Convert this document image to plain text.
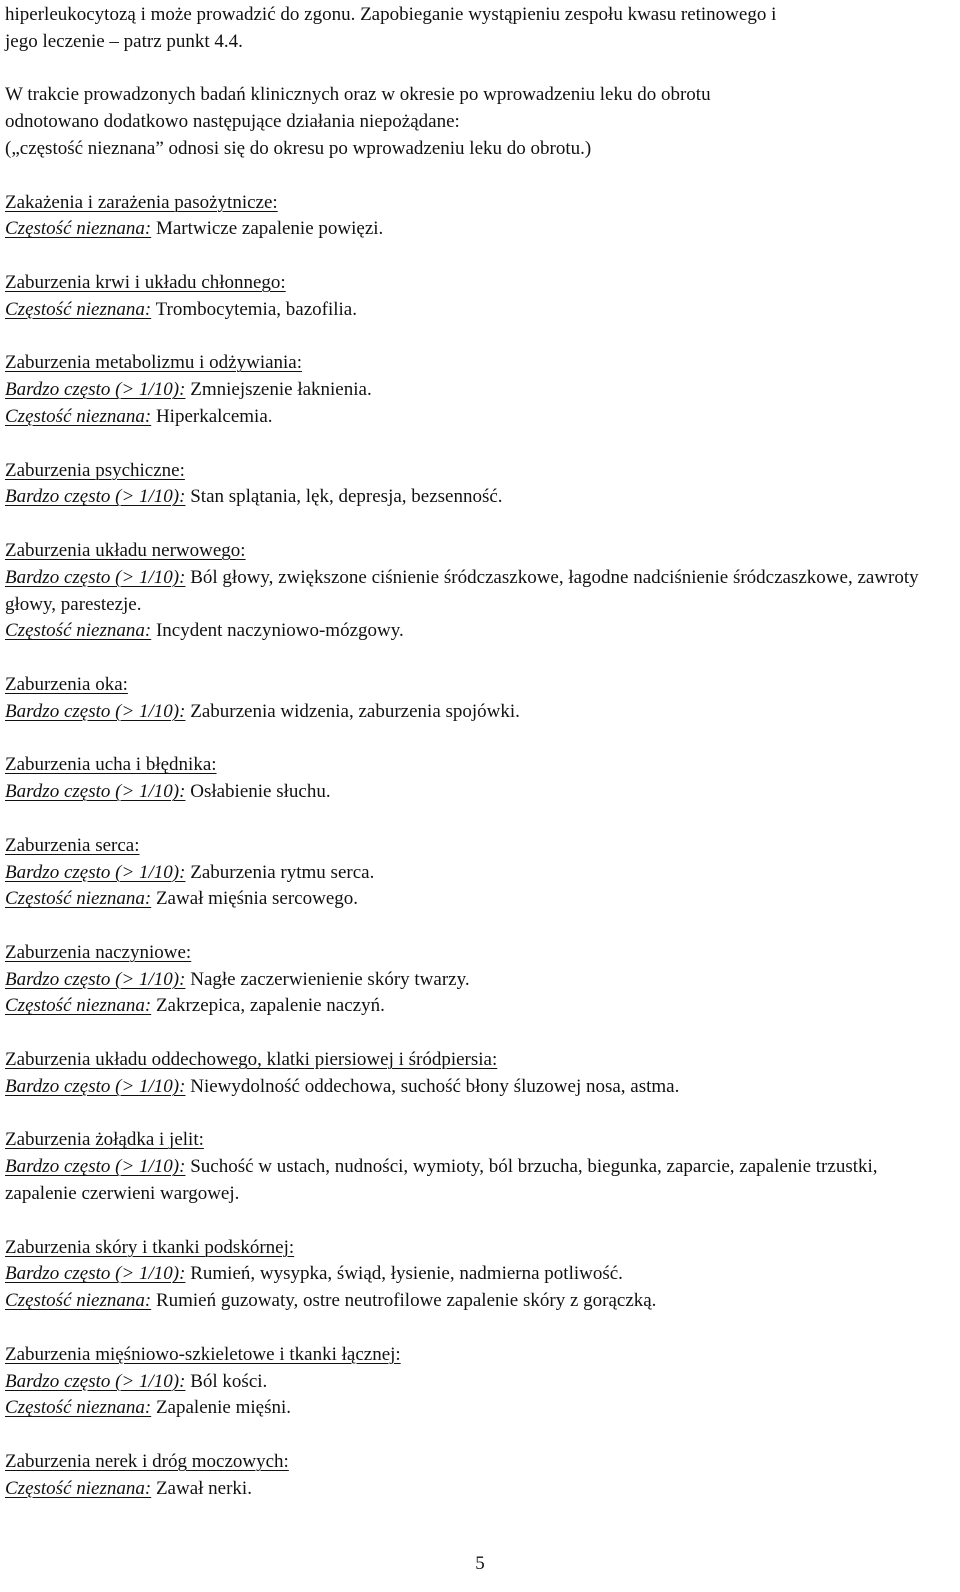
hiperleukocytozą i może prowadzić do zgonu. Zapobieganie wystąpieniu zespołu kwasu retinowego i
jego leczenie – patrz punkt 4.4.

W trakcie prowadzonych badań klinicznych oraz w okresie po wprowadzeniu leku do obrotu
odnotowano dodatkowo następujące działania niepożądane:
(„częstość nieznana” odnosi się do okresu po wprowadzeniu leku do obrotu.)

Zakażenia i zarażenia pasożytnicze:
Częstość nieznana: Martwicze zapalenie powięzi.
Zaburzenia krwi i układu chłonnego:
Częstość nieznana: Trombocytemia, bazofilia.
Zaburzenia metabolizmu i odżywiania:
Bardzo często (> 1/10): Zmniejszenie łaknienia.
Częstość nieznana: Hiperkalcemia.
Zaburzenia psychiczne:
Bardzo często (> 1/10): Stan splątania, lęk, depresja, bezsenność.
Zaburzenia układu nerwowego:
Bardzo często (> 1/10): Ból głowy, zwiększone ciśnienie śródczaszkowe, łagodne nadciśnienie śródczaszkowe, zawroty głowy, parestezje.
Częstość nieznana: Incydent naczyniowo-mózgowy.
Zaburzenia oka:
Bardzo często (> 1/10): Zaburzenia widzenia, zaburzenia spojówki.
Zaburzenia ucha i błędnika:
Bardzo często (> 1/10): Osłabienie słuchu.
Zaburzenia serca:
Bardzo często (> 1/10): Zaburzenia rytmu serca.
Częstość nieznana: Zawał mięśnia sercowego.
Zaburzenia naczyniowe:
Bardzo często (> 1/10): Nagłe zaczerwienienie skóry twarzy.
Częstość nieznana: Zakrzepica, zapalenie naczyń.
Zaburzenia układu oddechowego, klatki piersiowej i śródpiersia:
Bardzo często (> 1/10): Niewydolność oddechowa, suchość błony śluzowej nosa, astma.
Zaburzenia żołądka i jelit:
Bardzo często (> 1/10): Suchość w ustach, nudności, wymioty, ból brzucha, biegunka, zaparcie, zapalenie trzustki, zapalenie czerwieni wargowej.
Zaburzenia skóry i tkanki podskórnej:
Bardzo często (> 1/10): Rumień, wysypka, świąd, łysienie, nadmierna potliwość.
Częstość nieznana: Rumień guzowaty, ostre neutrofilowe zapalenie skóry z gorączką.
Zaburzenia mięśniowo-szkieletowe i tkanki łącznej:
Bardzo często (> 1/10): Ból kości.
Częstość nieznana: Zapalenie mięśni.
Zaburzenia nerek i dróg moczowych:
Częstość nieznana: Zawał nerki.
5
